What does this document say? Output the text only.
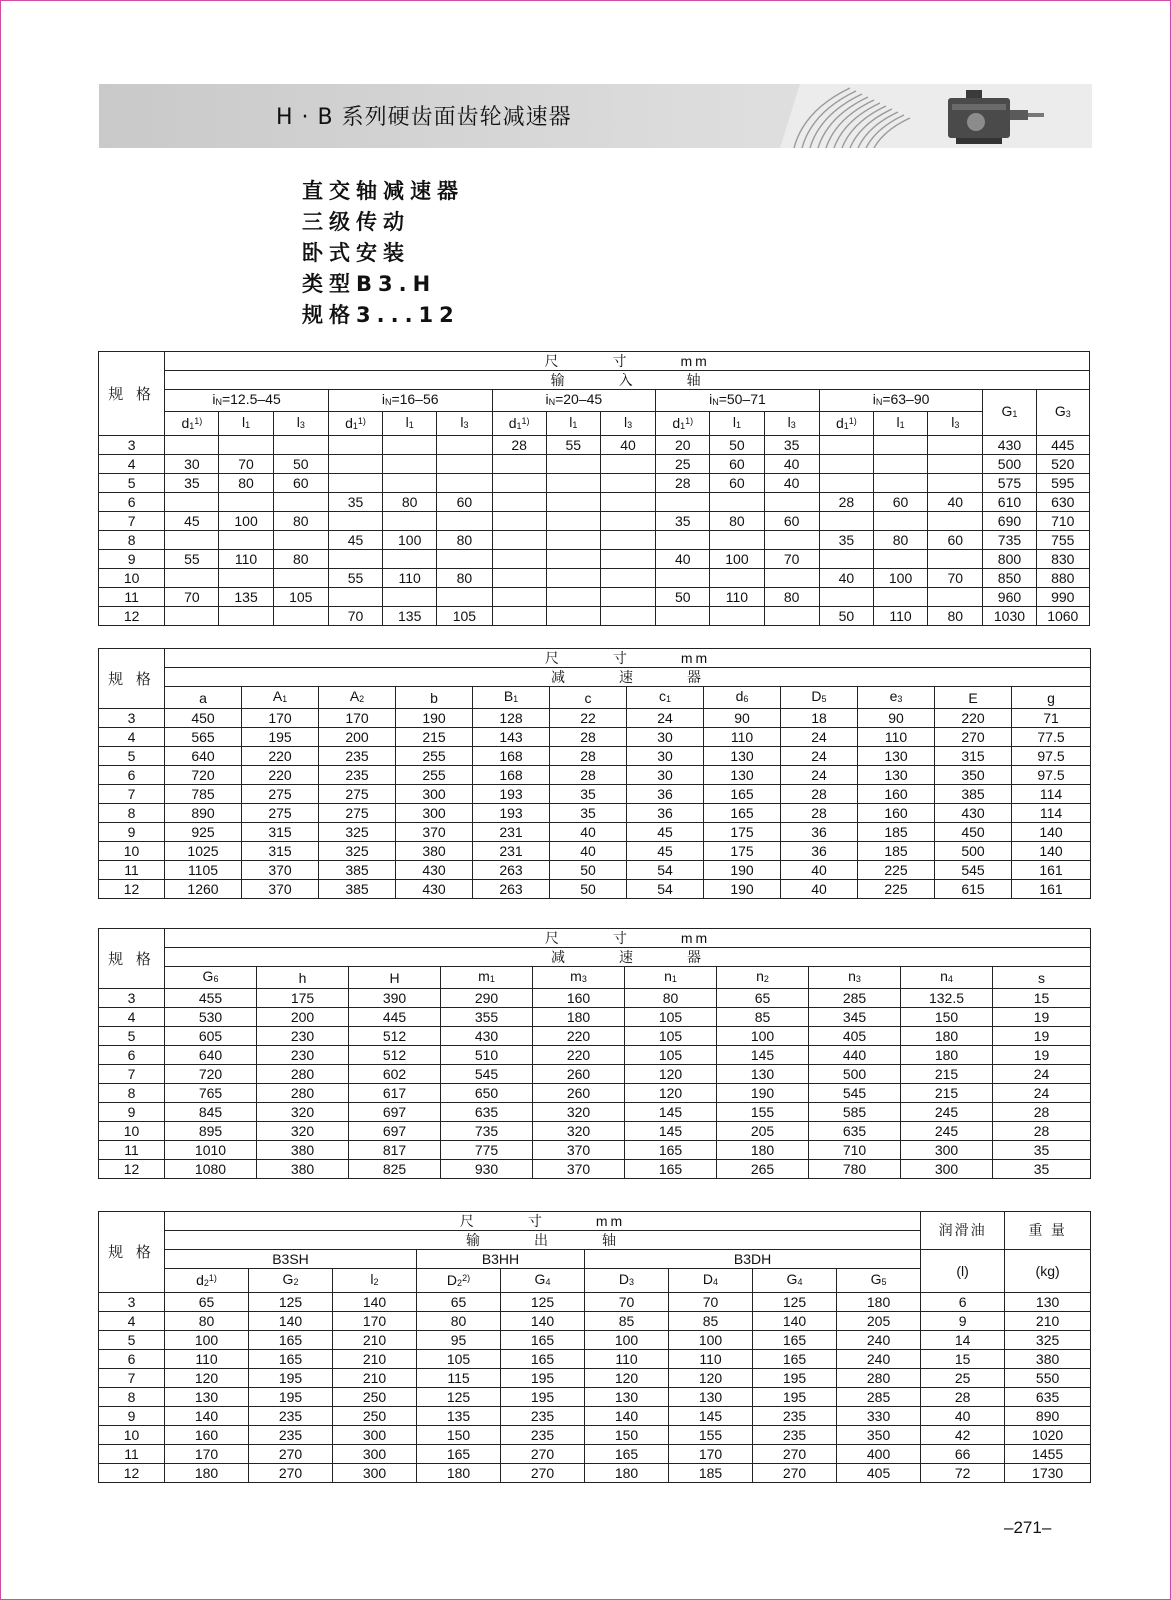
H · B 系列硬齿面齿轮减速器
直交轴减速器
三级传动
卧式安装
类型B3.H
规格3...12
规 格	尺    寸    mm																
	输    入    轴																
	$i_N=12.5-45$			$i_N=16-56$			$i_N=20-45$			$i_N=50-71$			$i_N=63-90$			$G_1$	$G_3$
	$d_1^{1)}$	$l_1$	$l_3$	$d_1^{1)}$	$l_1$	$l_3$	$d_1^{1)}$	$l_1$	$l_3$	$d_1^{1)}$	$l_1$	$l_3$	$d_1^{1)}$	$l_1$	$l_3$
3							28	55	40	20	50	35				430	445
4	30	70	50							25	60	40				500	520
5	35	80	60							28	60	40				575	595
6				35	80	60							28	60	40	610	630
7	45	100	80							35	80	60				690	710
8				45	100	80							35	80	60	735	755
9	55	110	80							40	100	70				800	830
10				55	110	80							40	100	70	850	880
11	70	135	105							50	110	80				960	990
12				70	135	105							50	110	80	1030	1060
规 格	尺    寸    mm											
	减    速    器											
	a	$A_1$	$A_2$	b	$B_1$	c	$c_1$	$d_6$	$D_5$	$e_3$	E	g
3	450	170	170	190	128	22	24	90	18	90	220	71
4	565	195	200	215	143	28	30	110	24	110	270	77.5
5	640	220	235	255	168	28	30	130	24	130	315	97.5
6	720	220	235	255	168	28	30	130	24	130	350	97.5
7	785	275	275	300	193	35	36	165	28	160	385	114
8	890	275	275	300	193	35	36	165	28	160	430	114
9	925	315	325	370	231	40	45	175	36	185	450	140
10	1025	315	325	380	231	40	45	175	36	185	500	140
11	1105	370	385	430	263	50	54	190	40	225	545	161
12	1260	370	385	430	263	50	54	190	40	225	615	161
规 格	尺    寸    mm									
	减    速    器									
	$G_6$	h	H	$m_1$	$m_3$	$n_1$	$n_2$	$n_3$	$n_4$	s
3	455	175	390	290	160	80	65	285	132.5	15
4	530	200	445	355	180	105	85	345	150	19
5	605	230	512	430	220	105	100	405	180	19
6	640	230	512	510	220	105	145	440	180	19
7	720	280	602	545	260	120	130	500	215	24
8	765	280	617	650	260	120	190	545	215	24
9	845	320	697	635	320	145	155	585	245	28
10	895	320	697	735	320	145	205	635	245	28
11	1010	380	817	775	370	165	180	710	300	35
12	1080	380	825	930	370	165	265	780	300	35
规 格	尺    寸    mm									润滑油	重 量
	输    出    轴										
	B3SH			B3HH		B3DH				(l)	(kg)
	$d_2^{1)}$	$G_2$	$l_2$	$D_2^{2)}$	$G_4$	$D_3$	$D_4$	$G_4$	$G_5$
3	65	125	140	65	125	70	70	125	180	6	130
4	80	140	170	80	140	85	85	140	205	9	210
5	100	165	210	95	165	100	100	165	240	14	325
6	110	165	210	105	165	110	110	165	240	15	380
7	120	195	210	115	195	120	120	195	280	25	550
8	130	195	250	125	195	130	130	195	285	28	635
9	140	235	250	135	235	140	145	235	330	40	890
10	160	235	300	150	235	150	155	235	350	42	1020
11	170	270	300	165	270	165	170	270	400	66	1455
12	180	270	300	180	270	180	185	270	405	72	1730
–271–
